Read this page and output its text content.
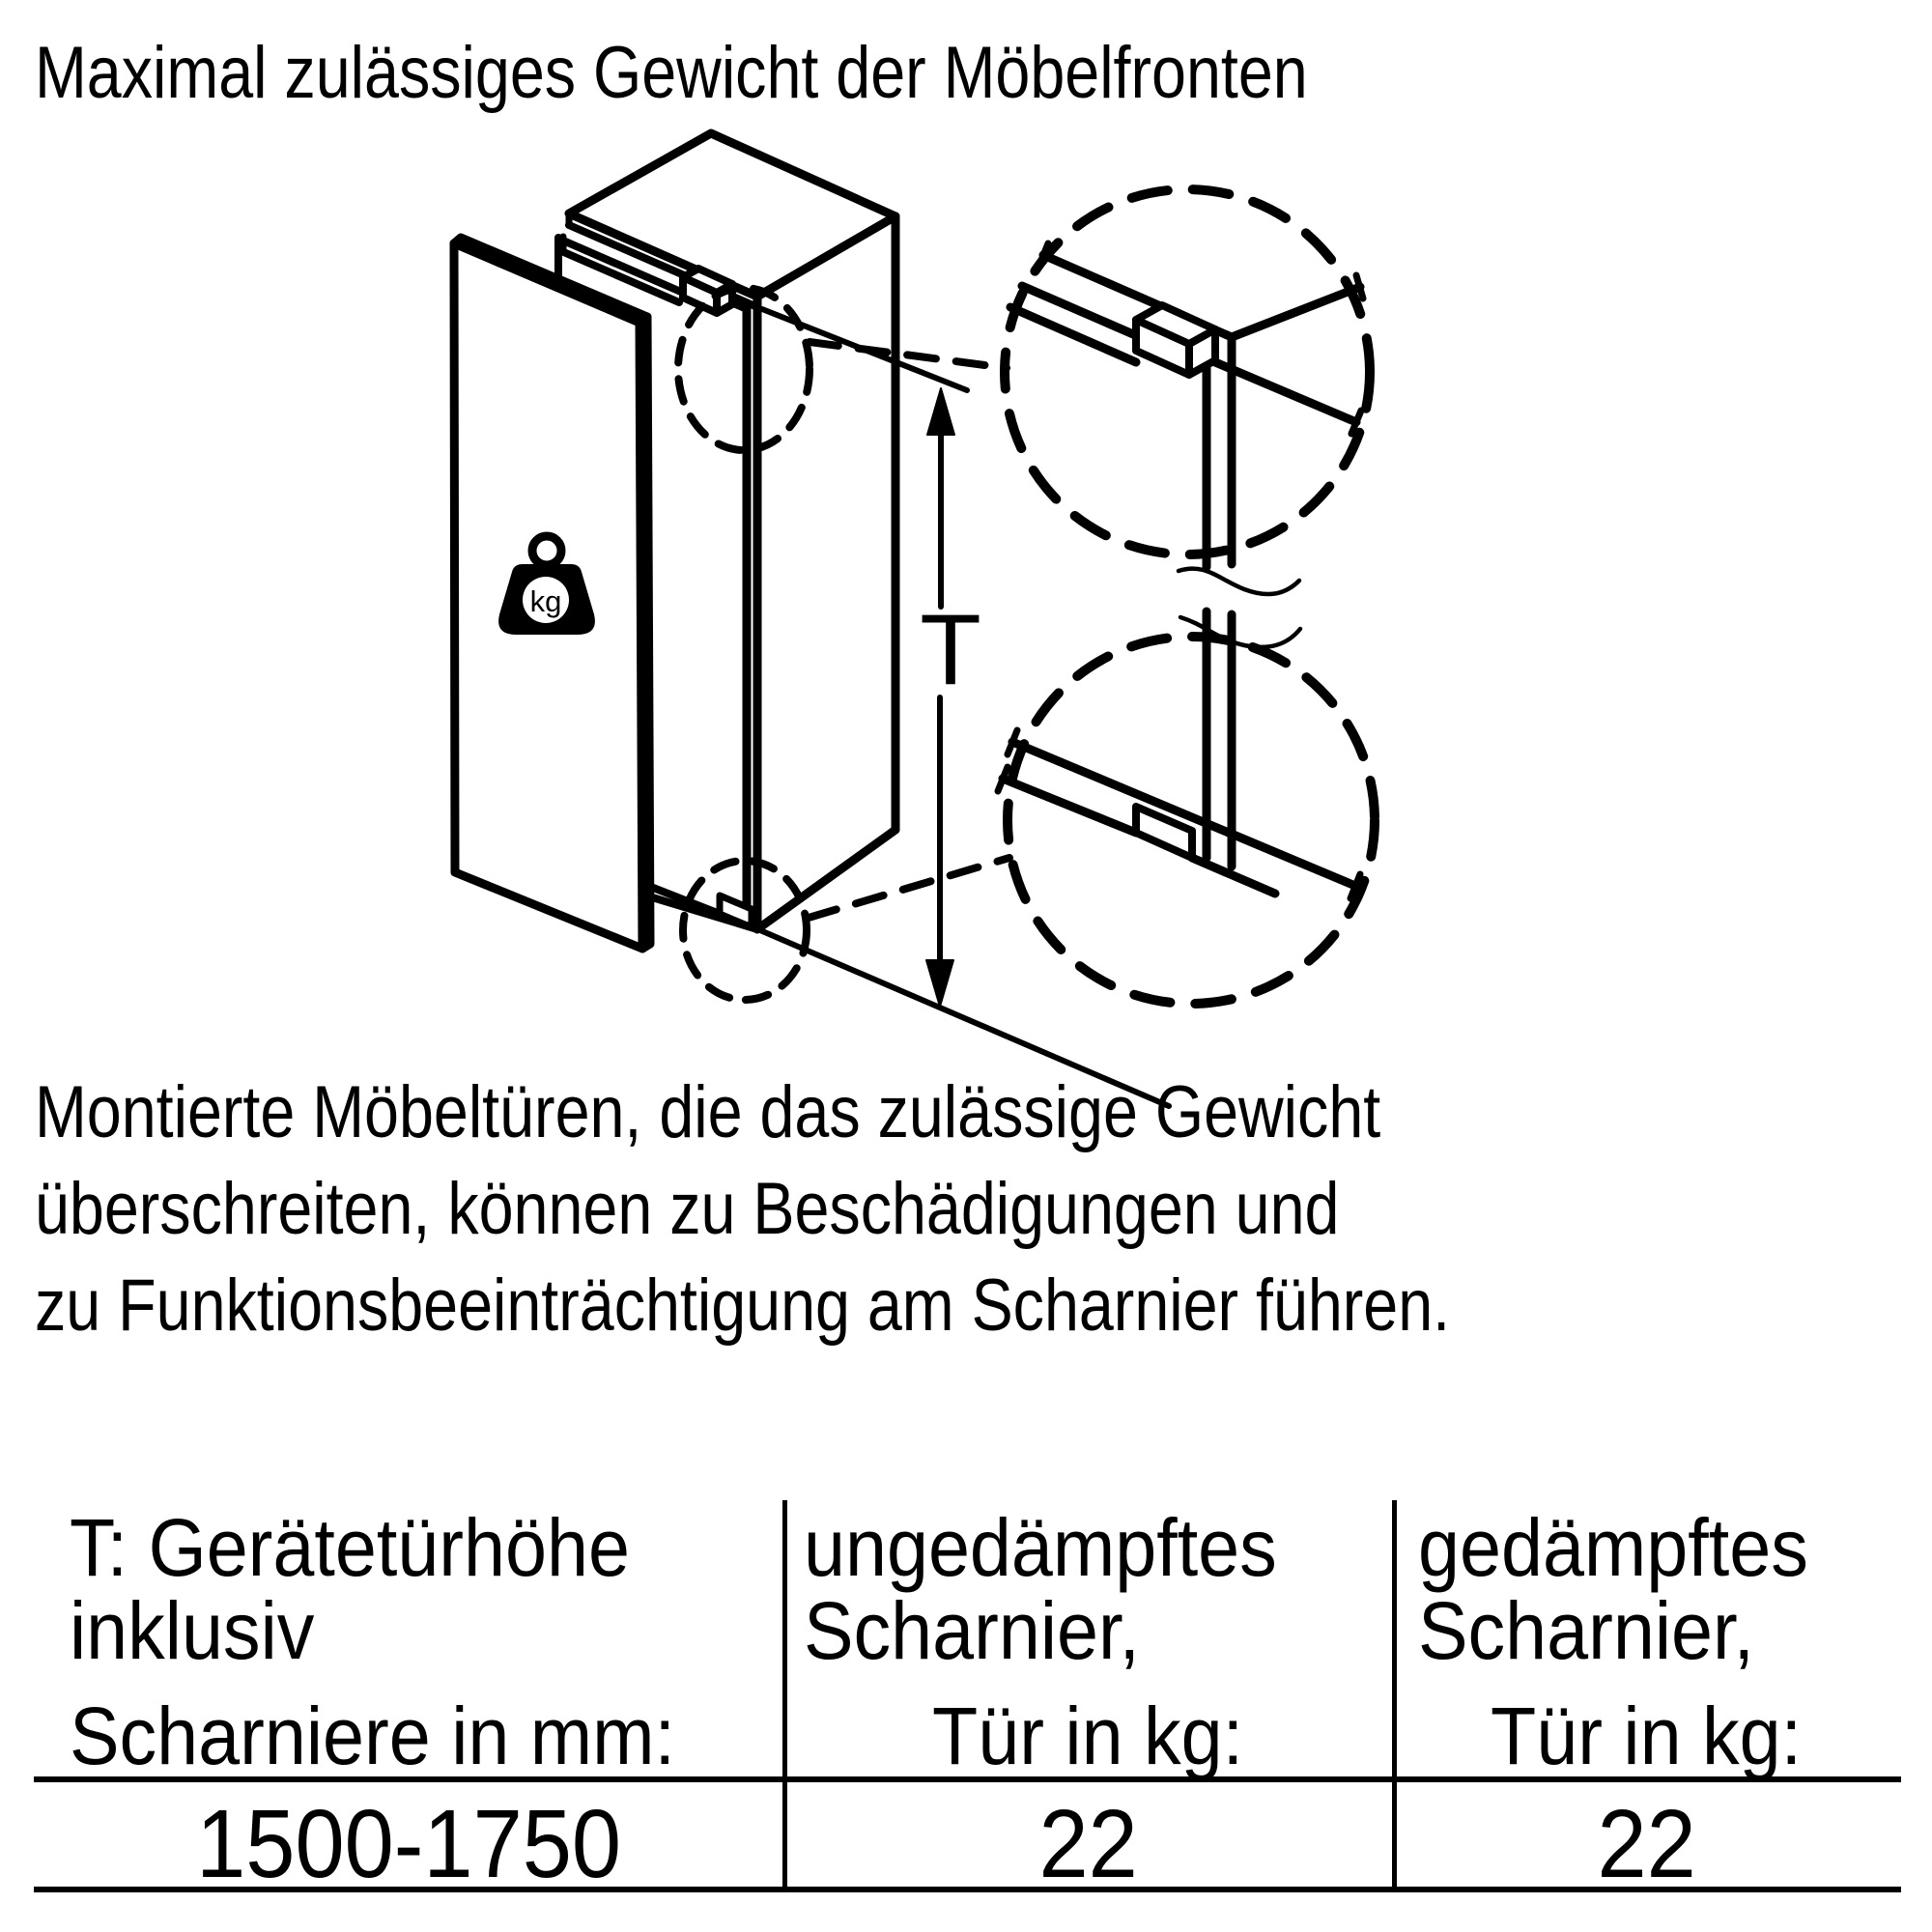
Maximal zulässiges Gewicht der Möbelfronten
T
kg
Montierte Möbeltüren, die das zulässige Gewicht
überschreiten, können zu Beschädigungen und
zu Funktionsbeeinträchtigung am Scharnier führen.
T: Gerätetürhöhe
inklusiv
Scharniere in mm:
ungedämpftes
Scharnier,
Tür in kg:
gedämpftes
Scharnier,
Tür in kg:
1500-1750	22	22
